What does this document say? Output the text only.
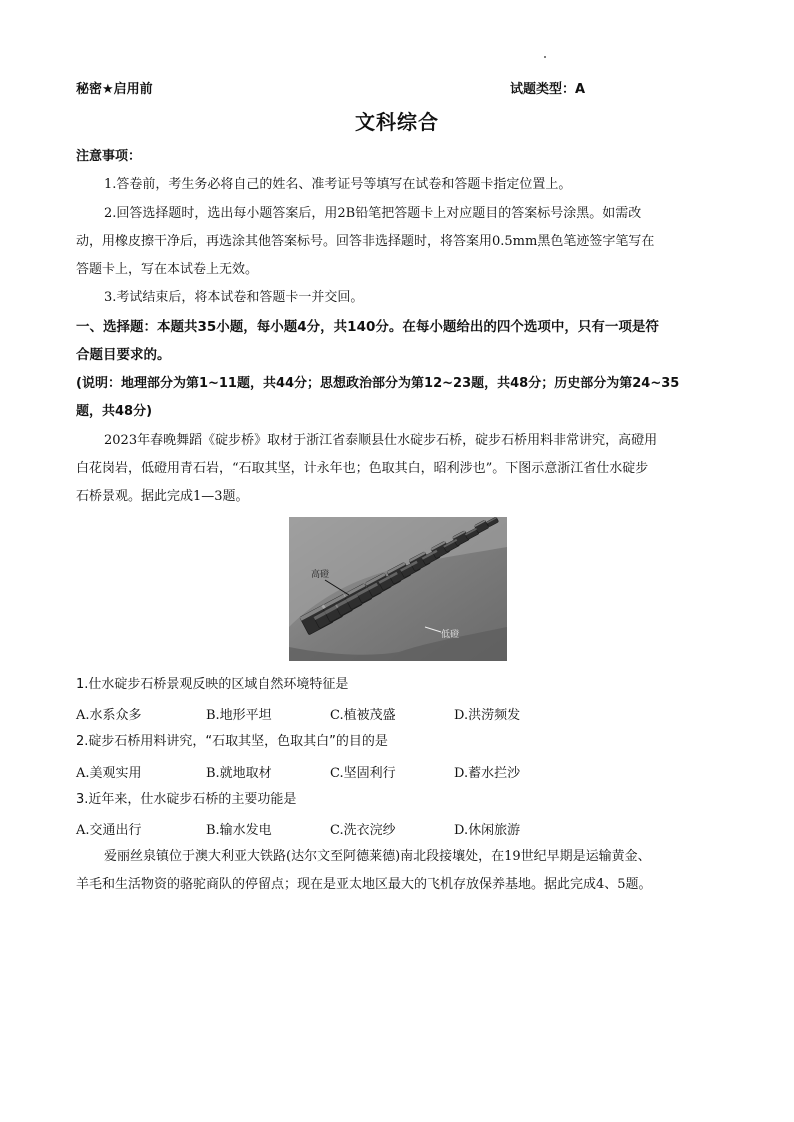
秘密★启用前	试题类型：A
文科综合
注意事项：
1.答卷前，考生务必将自己的姓名、准考证号等填写在试卷和答题卡指定位置上。
2.回答选择题时，选出每小题答案后，用2B铅笔把答题卡上对应题目的答案标号涂黑。如需改
动，用橡皮擦干净后，再选涂其他答案标号。回答非选择题时，将答案用0.5mm黑色笔迹签字笔写在
答题卡上，写在本试卷上无效。
3.考试结束后，将本试卷和答题卡一并交回。
一、选择题：本题共35小题，每小题4分，共140分。在每小题给出的四个选项中，只有一项是符
合题目要求的。
(说明：地理部分为第1~11题，共44分；思想政治部分为第12~23题，共48分；历史部分为第24~35
题，共48分)
2023年春晚舞蹈《碇步桥》取材于浙江省泰顺县仕水碇步石桥，碇步石桥用料非常讲究，高磴用
白花岗岩，低磴用青石岩，“石取其坚，计永年也；色取其白，昭利涉也”。下图示意浙江省仕水碇步
石桥景观。据此完成1—3题。
高磴
低磴
1.仕水碇步石桥景观反映的区域自然环境特征是
A.水系众多	B.地形平坦	C.植被茂盛	D.洪涝频发
2.碇步石桥用料讲究，“石取其坚，色取其白”的目的是
A.美观实用	B.就地取材	C.坚固利行	D.蓄水拦沙
3.近年来，仕水碇步石桥的主要功能是
A.交通出行	B.输水发电	C.洗衣浣纱	D.休闲旅游
爱丽丝泉镇位于澳大利亚大铁路(达尔文至阿德莱德)南北段接壤处，在19世纪早期是运输黄金、
羊毛和生活物资的骆驼商队的停留点；现在是亚太地区最大的飞机存放保养基地。据此完成4、5题。
